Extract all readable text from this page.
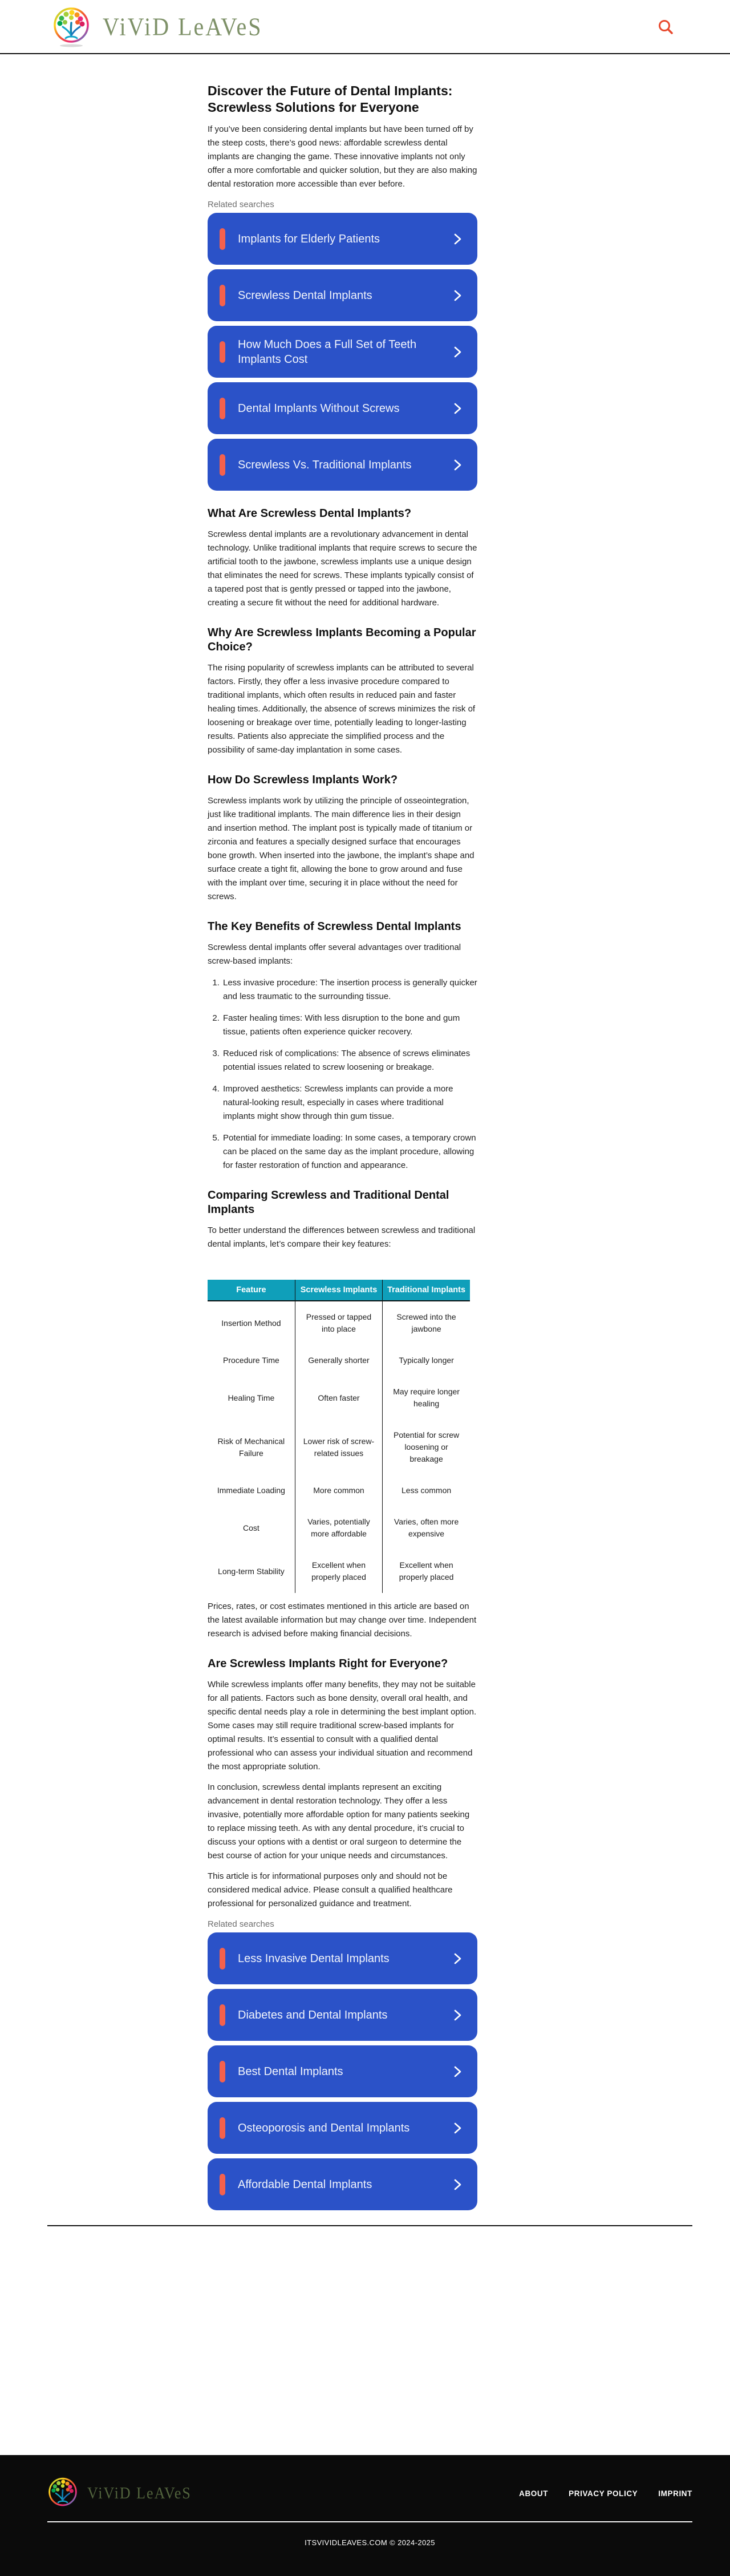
ViViD LeAVeS
Discover the Future of Dental Implants: Screwless Solutions for Everyone

If you’ve been considering dental implants but have been turned off by the steep costs, there’s good news: affordable screwless dental implants are changing the game. These innovative implants not only offer a more comfortable and quicker solution, but they are also making dental restoration more accessible than ever before.

Related searches
Implants for Elderly Patients
Screwless Dental Implants
How Much Does a Full Set of Teeth Implants Cost
Dental Implants Without Screws
Screwless Vs. Traditional Implants
What Are Screwless Dental Implants?

Screwless dental implants are a revolutionary advancement in dental technology. Unlike traditional implants that require screws to secure the artificial tooth to the jawbone, screwless implants use a unique design that eliminates the need for screws. These implants typically consist of a tapered post that is gently pressed or tapped into the jawbone, creating a secure fit without the need for additional hardware.

Why Are Screwless Implants Becoming a Popular Choice?

The rising popularity of screwless implants can be attributed to several factors. Firstly, they offer a less invasive procedure compared to traditional implants, which often results in reduced pain and faster healing times. Additionally, the absence of screws minimizes the risk of loosening or breakage over time, potentially leading to longer-lasting results. Patients also appreciate the simplified process and the possibility of same-day implantation in some cases.

How Do Screwless Implants Work?

Screwless implants work by utilizing the principle of osseointegration, just like traditional implants. The main difference lies in their design and insertion method. The implant post is typically made of titanium or zirconia and features a specially designed surface that encourages bone growth. When inserted into the jawbone, the implant’s shape and surface create a tight fit, allowing the bone to grow around and fuse with the implant over time, securing it in place without the need for screws.

The Key Benefits of Screwless Dental Implants

Screwless dental implants offer several advantages over traditional screw-based implants:

1. Less invasive procedure: The insertion process is generally quicker and less traumatic to the surrounding tissue.
2. Faster healing times: With less disruption to the bone and gum tissue, patients often experience quicker recovery.
3. Reduced risk of complications: The absence of screws eliminates potential issues related to screw loosening or breakage.
4. Improved aesthetics: Screwless implants can provide a more natural-looking result, especially in cases where traditional implants might show through thin gum tissue.
5. Potential for immediate loading: In some cases, a temporary crown can be placed on the same day as the implant procedure, allowing for faster restoration of function and appearance.
Comparing Screwless and Traditional Dental Implants

To better understand the differences between screwless and traditional dental implants, let’s compare their key features:

Feature	Screwless Implants	Traditional Implants
Insertion Method	Pressed or tapped into place	Screwed into the jawbone
Procedure Time	Generally shorter	Typically longer
Healing Time	Often faster	May require longer healing
Risk of Mechanical Failure	Lower risk of screw-related issues	Potential for screw loosening or breakage
Immediate Loading	More common	Less common
Cost	Varies, potentially more affordable	Varies, often more expensive
Long-term Stability	Excellent when properly placed	Excellent when properly placed

Prices, rates, or cost estimates mentioned in this article are based on the latest available information but may change over time. Independent research is advised before making financial decisions.

Are Screwless Implants Right for Everyone?

While screwless implants offer many benefits, they may not be suitable for all patients. Factors such as bone density, overall oral health, and specific dental needs play a role in determining the best implant option. Some cases may still require traditional screw-based implants for optimal results. It’s essential to consult with a qualified dental professional who can assess your individual situation and recommend the most appropriate solution.

In conclusion, screwless dental implants represent an exciting advancement in dental restoration technology. They offer a less invasive, potentially more affordable option for many patients seeking to replace missing teeth. As with any dental procedure, it’s crucial to discuss your options with a dentist or oral surgeon to determine the best course of action for your unique needs and circumstances.

This article is for informational purposes only and should not be considered medical advice. Please consult a qualified healthcare professional for personalized guidance and treatment.

Related searches
Less Invasive Dental Implants
Diabetes and Dental Implants
Best Dental Implants
Osteoporosis and Dental Implants
Affordable Dental Implants
ViViD LeAVeS	ABOUT	PRIVACY POLICY	IMPRINT
ITSVIVIDLEAVES.COM © 2024-2025
